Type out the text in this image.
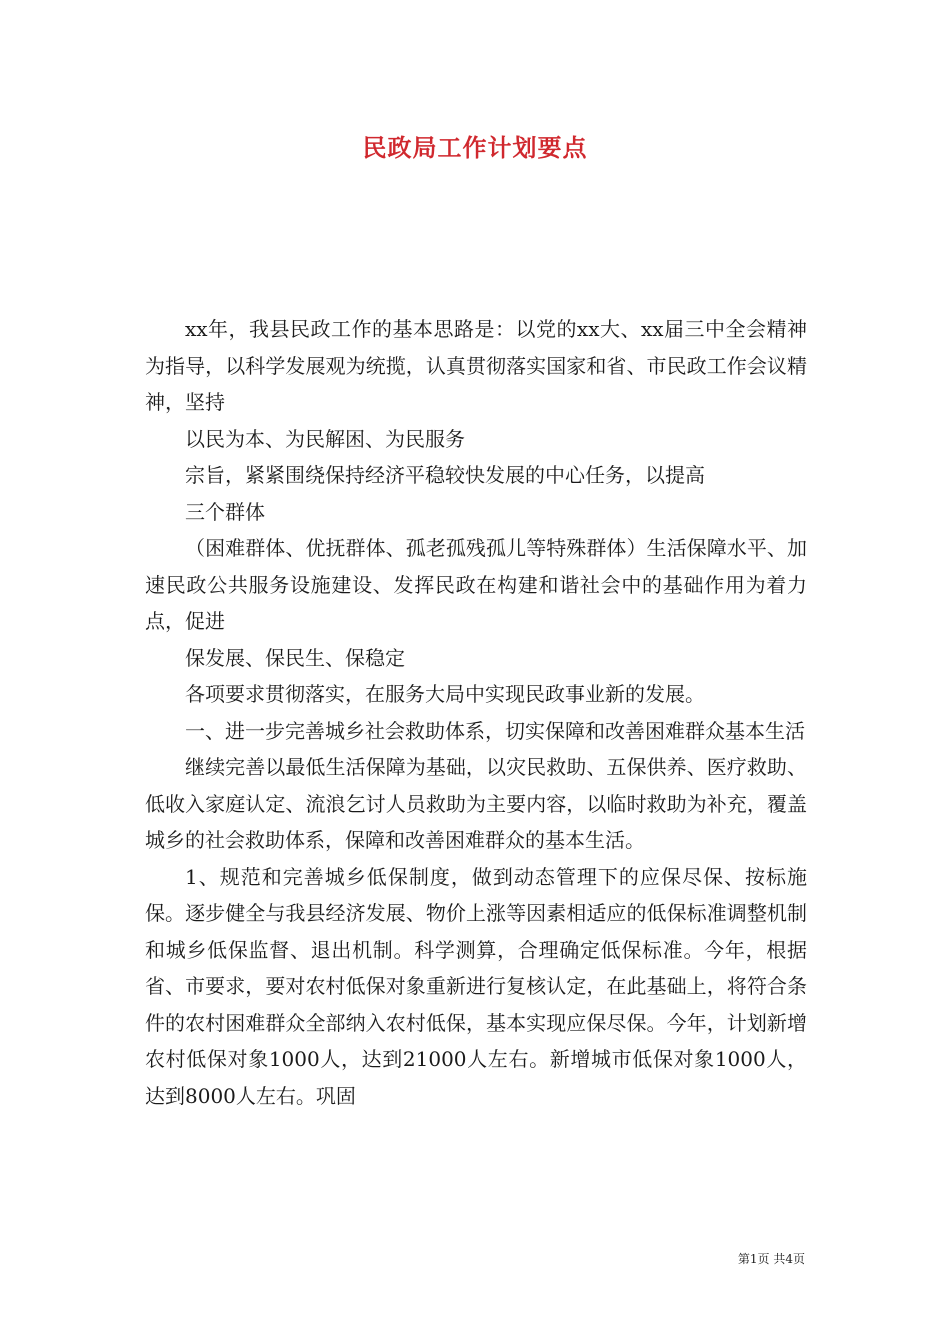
民政局工作计划要点

xx年，我县民政工作的基本思路是：以党的xx大、xx届三中全会精神为指导，以科学发展观为统揽，认真贯彻落实国家和省、市民政工作会议精神，坚持

以民为本、为民解困、为民服务

宗旨，紧紧围绕保持经济平稳较快发展的中心任务，以提高

三个群体

（困难群体、优抚群体、孤老孤残孤儿等特殊群体）生活保障水平、加速民政公共服务设施建设、发挥民政在构建和谐社会中的基础作用为着力点，促进

保发展、保民生、保稳定

各项要求贯彻落实，在服务大局中实现民政事业新的发展。

一、进一步完善城乡社会救助体系，切实保障和改善困难群众基本生活

继续完善以最低生活保障为基础，以灾民救助、五保供养、医疗救助、低收入家庭认定、流浪乞讨人员救助为主要内容，以临时救助为补充，覆盖城乡的社会救助体系，保障和改善困难群众的基本生活。

1、规范和完善城乡低保制度，做到动态管理下的应保尽保、按标施保。逐步健全与我县经济发展、物价上涨等因素相适应的低保标准调整机制和城乡低保监督、退出机制。科学测算，合理确定低保标准。今年，根据省、市要求，要对农村低保对象重新进行复核认定，在此基础上，将符合条件的农村困难群众全部纳入农村低保，基本实现应保尽保。今年，计划新增农村低保对象1000人，达到21000人左右。新增城市低保对象1000人，达到8000人左右。巩固

第1页 共4页
